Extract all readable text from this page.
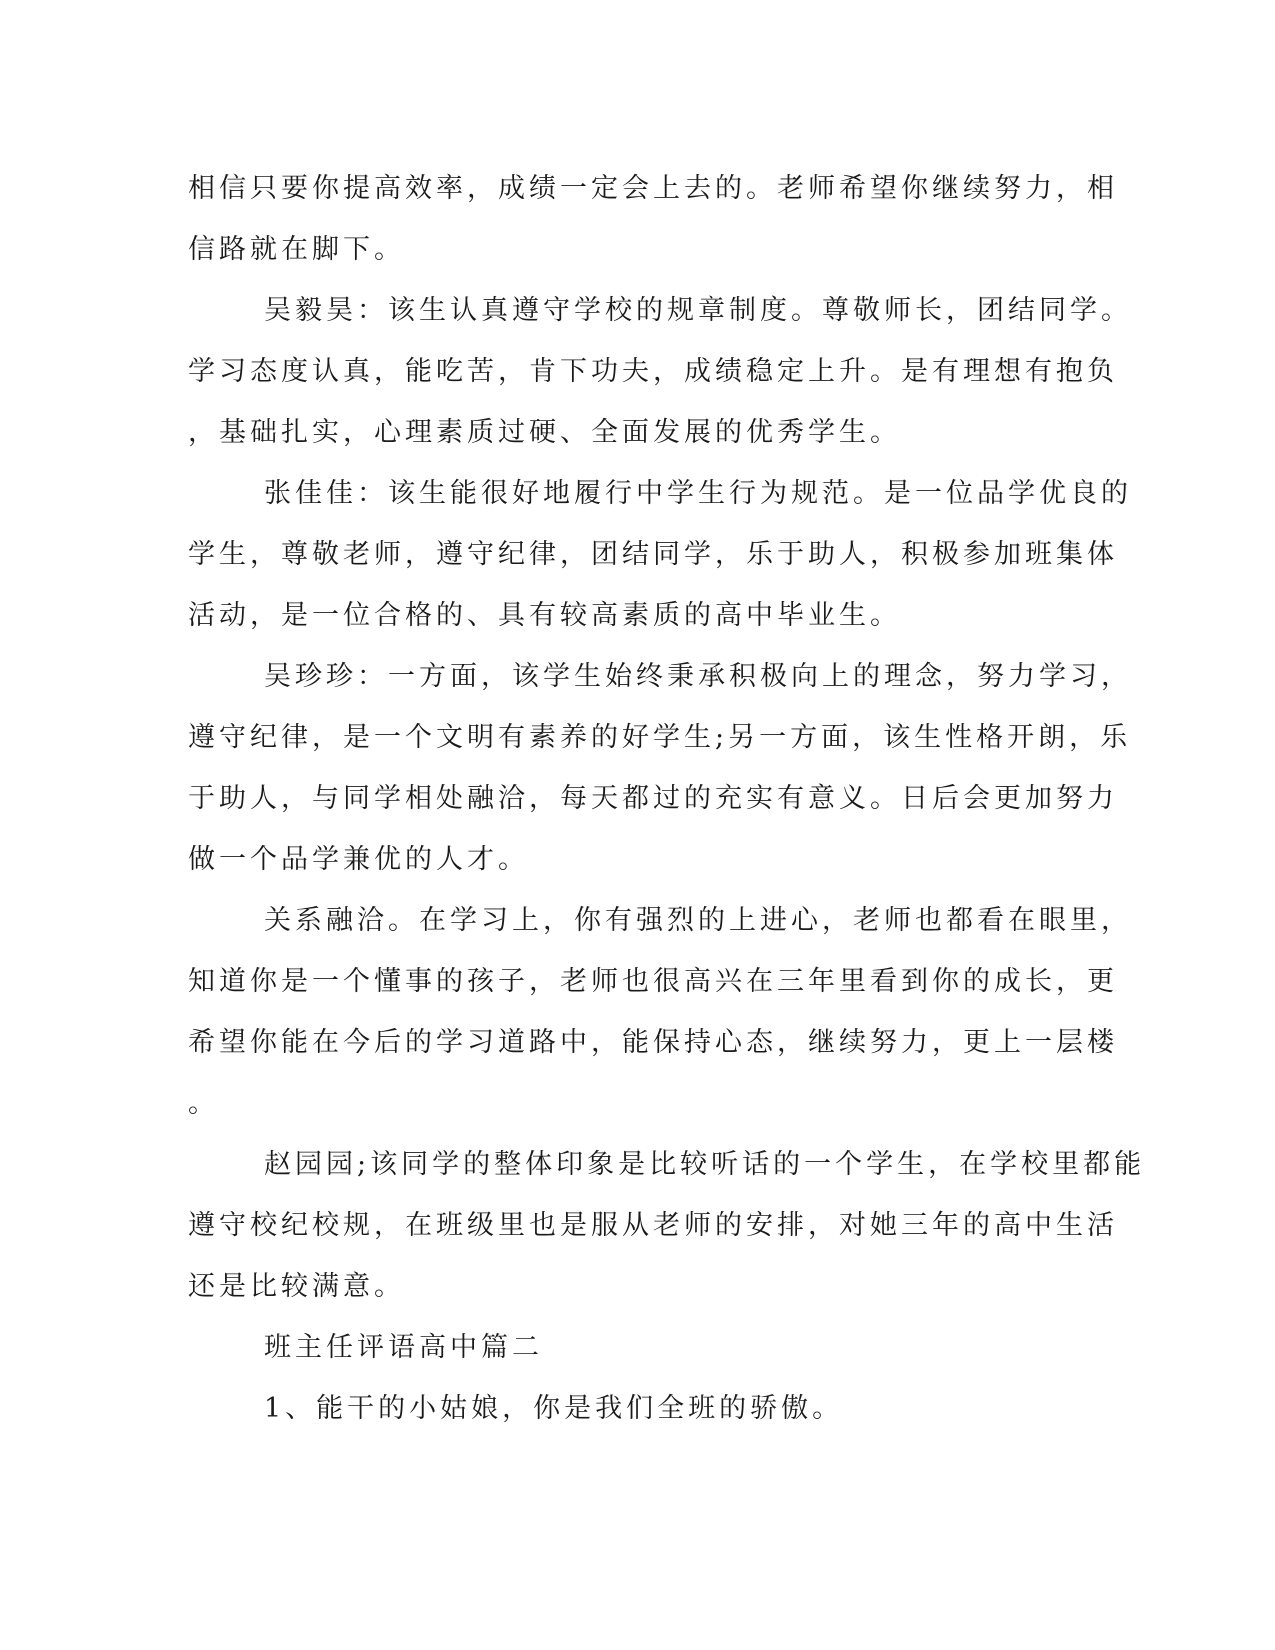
相信只要你提高效率，成绩一定会上去的。老师希望你继续努力，相
信路就在脚下。
吴毅昊：该生认真遵守学校的规章制度。尊敬师长，团结同学。
学习态度认真，能吃苦，肯下功夫，成绩稳定上升。是有理想有抱负
，基础扎实，心理素质过硬、全面发展的优秀学生。
张佳佳：该生能很好地履行中学生行为规范。是一位品学优良的
学生，尊敬老师，遵守纪律，团结同学，乐于助人，积极参加班集体
活动，是一位合格的、具有较高素质的高中毕业生。
吴珍珍：一方面，该学生始终秉承积极向上的理念，努力学习，
遵守纪律，是一个文明有素养的好学生;另一方面，该生性格开朗，乐
于助人，与同学相处融洽，每天都过的充实有意义。日后会更加努力
做一个品学兼优的人才。
关系融洽。在学习上，你有强烈的上进心，老师也都看在眼里，
知道你是一个懂事的孩子，老师也很高兴在三年里看到你的成长，更
希望你能在今后的学习道路中，能保持心态，继续努力，更上一层楼
。
赵园园;该同学的整体印象是比较听话的一个学生，在学校里都能
遵守校纪校规，在班级里也是服从老师的安排，对她三年的高中生活
还是比较满意。
班主任评语高中篇二
1、能干的小姑娘，你是我们全班的骄傲。
